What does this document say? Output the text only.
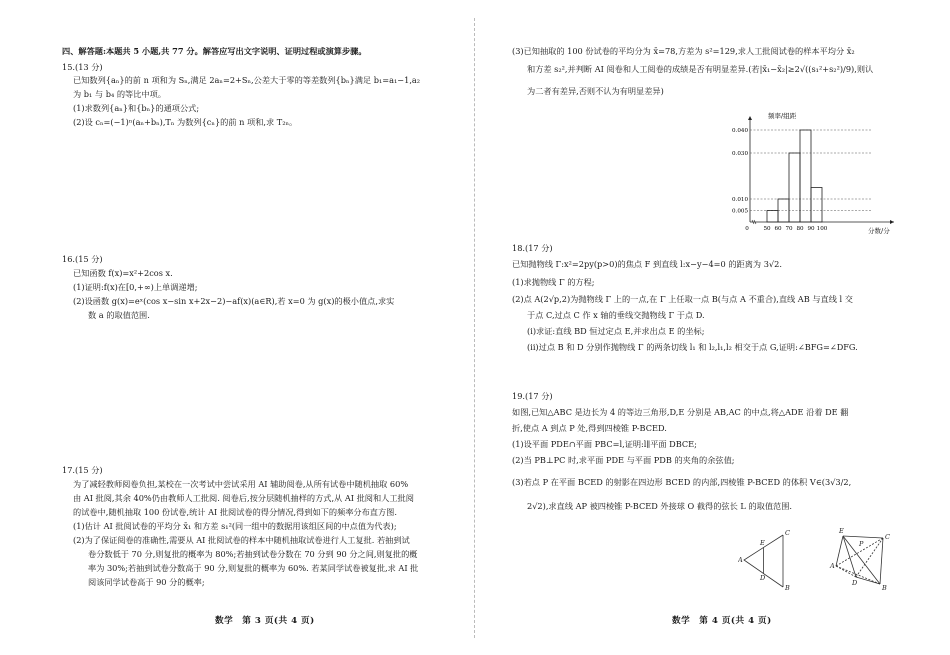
四、解答题:本题共 5 小题,共 77 分。解答应写出文字说明、证明过程或演算步骤。
15.(13 分)
已知数列{aₙ}的前 n 项和为 Sₙ,满足 2aₙ=2+Sₙ,公差大于零的等差数列{bₙ}满足 b₁=a₁−1,a₂
为 b₁ 与 b₄ 的等比中项。
(1)求数列{aₙ}和{bₙ}的通项公式;
(2)设 cₙ=(−1)ⁿ(aₙ+bₙ),Tₙ 为数列{cₙ}的前 n 项和,求 T₂ₙ。
16.(15 分)
已知函数 f(x)=x²+2cos x.
(1)证明:f(x)在[0,+∞)上单调递增;
(2)设函数 g(x)=eˣ(cos x−sin x+2x−2)−af(x)(a∈R),若 x=0 为 g(x)的极小值点,求实
数 a 的取值范围.
17.(15 分)
为了减轻教师阅卷负担,某校在一次考试中尝试采用 AI 辅助阅卷,从所有试卷中随机抽取 60%
由 AI 批阅,其余 40%仍由教师人工批阅. 阅卷后,按分层随机抽样的方式,从 AI 批阅和人工批阅
的试卷中,随机抽取 100 份试卷,统计 AI 批阅试卷的得分情况,得到如下的频率分布直方图.
(1)估计 AI 批阅试卷的平均分 x̄₁ 和方差 s₁²(同一组中的数据用该组区间的中点值为代表);
(2)为了保证阅卷的准确性,需要从 AI 批阅试卷的样本中随机抽取试卷进行人工复批. 若抽到试
卷分数低于 70 分,则复批的概率为 80%;若抽到试卷分数在 70 分到 90 分之间,则复批的概
率为 30%;若抽到试卷分数高于 90 分,则复批的概率为 60%. 若某同学试卷被复批,求 AI 批
阅该同学试卷高于 90 分的概率;
数学　第 3 页(共 4 页)
(3)已知抽取的 100 份试卷的平均分为 x̄=78,方差为 s²=129,求人工批阅试卷的样本平均分 x̄₂
和方差 s₂²,并判断 AI 阅卷和人工阅卷的成绩是否有明显差异.(若|x̄₁−x̄₂|≥2√((s₁²+s₂²)/9),则认
为二者有差异,否则不认为有明显差异)
0	50 60 70 80 90 100
0.005
0.010
0.030
0.040
频率/组距
分数/分
18.(17 分)
已知抛物线 Γ:x²=2py(p>0)的焦点 F 到直线 l:x−y−4=0 的距离为 3√2.
(1)求抛物线 Γ 的方程;
(2)点 A(2√p,2)为抛物线 Γ 上的一点,在 Γ 上任取一点 B(与点 A 不重合),直线 AB 与直线 l 交
于点 C,过点 C 作 x 轴的垂线交抛物线 Γ 于点 D.
(i)求证:直线 BD 恒过定点 E,并求出点 E 的坐标;
(ii)过点 B 和 D 分别作抛物线 Γ 的两条切线 l₁ 和 l₂,l₁,l₂ 相交于点 G,证明:∠BFG=∠DFG.
19.(17 分)
如图,已知△ABC 是边长为 4 的等边三角形,D,E 分别是 AB,AC 的中点,将△ADE 沿着 DE 翻
折,使点 A 到点 P 处,得到四棱锥 P-BCED.
(1)设平面 PDE∩平面 PBC=l,证明:l∥平面 DBCE;
(2)当 PB⊥PC 时,求平面 PDE 与平面 PDB 的夹角的余弦值;
(3)若点 P 在平面 BCED 的射影在四边形 BCED 的内部,四棱锥 P-BCED 的体积 V∈(3√3/2,
2√2),求直线 AP 被四棱锥 P-BCED 外接球 O 截得的弦长 L 的取值范围.
A
B
C
D
E
A
B
C
D
E
P
数学　第 4 页(共 4 页)
